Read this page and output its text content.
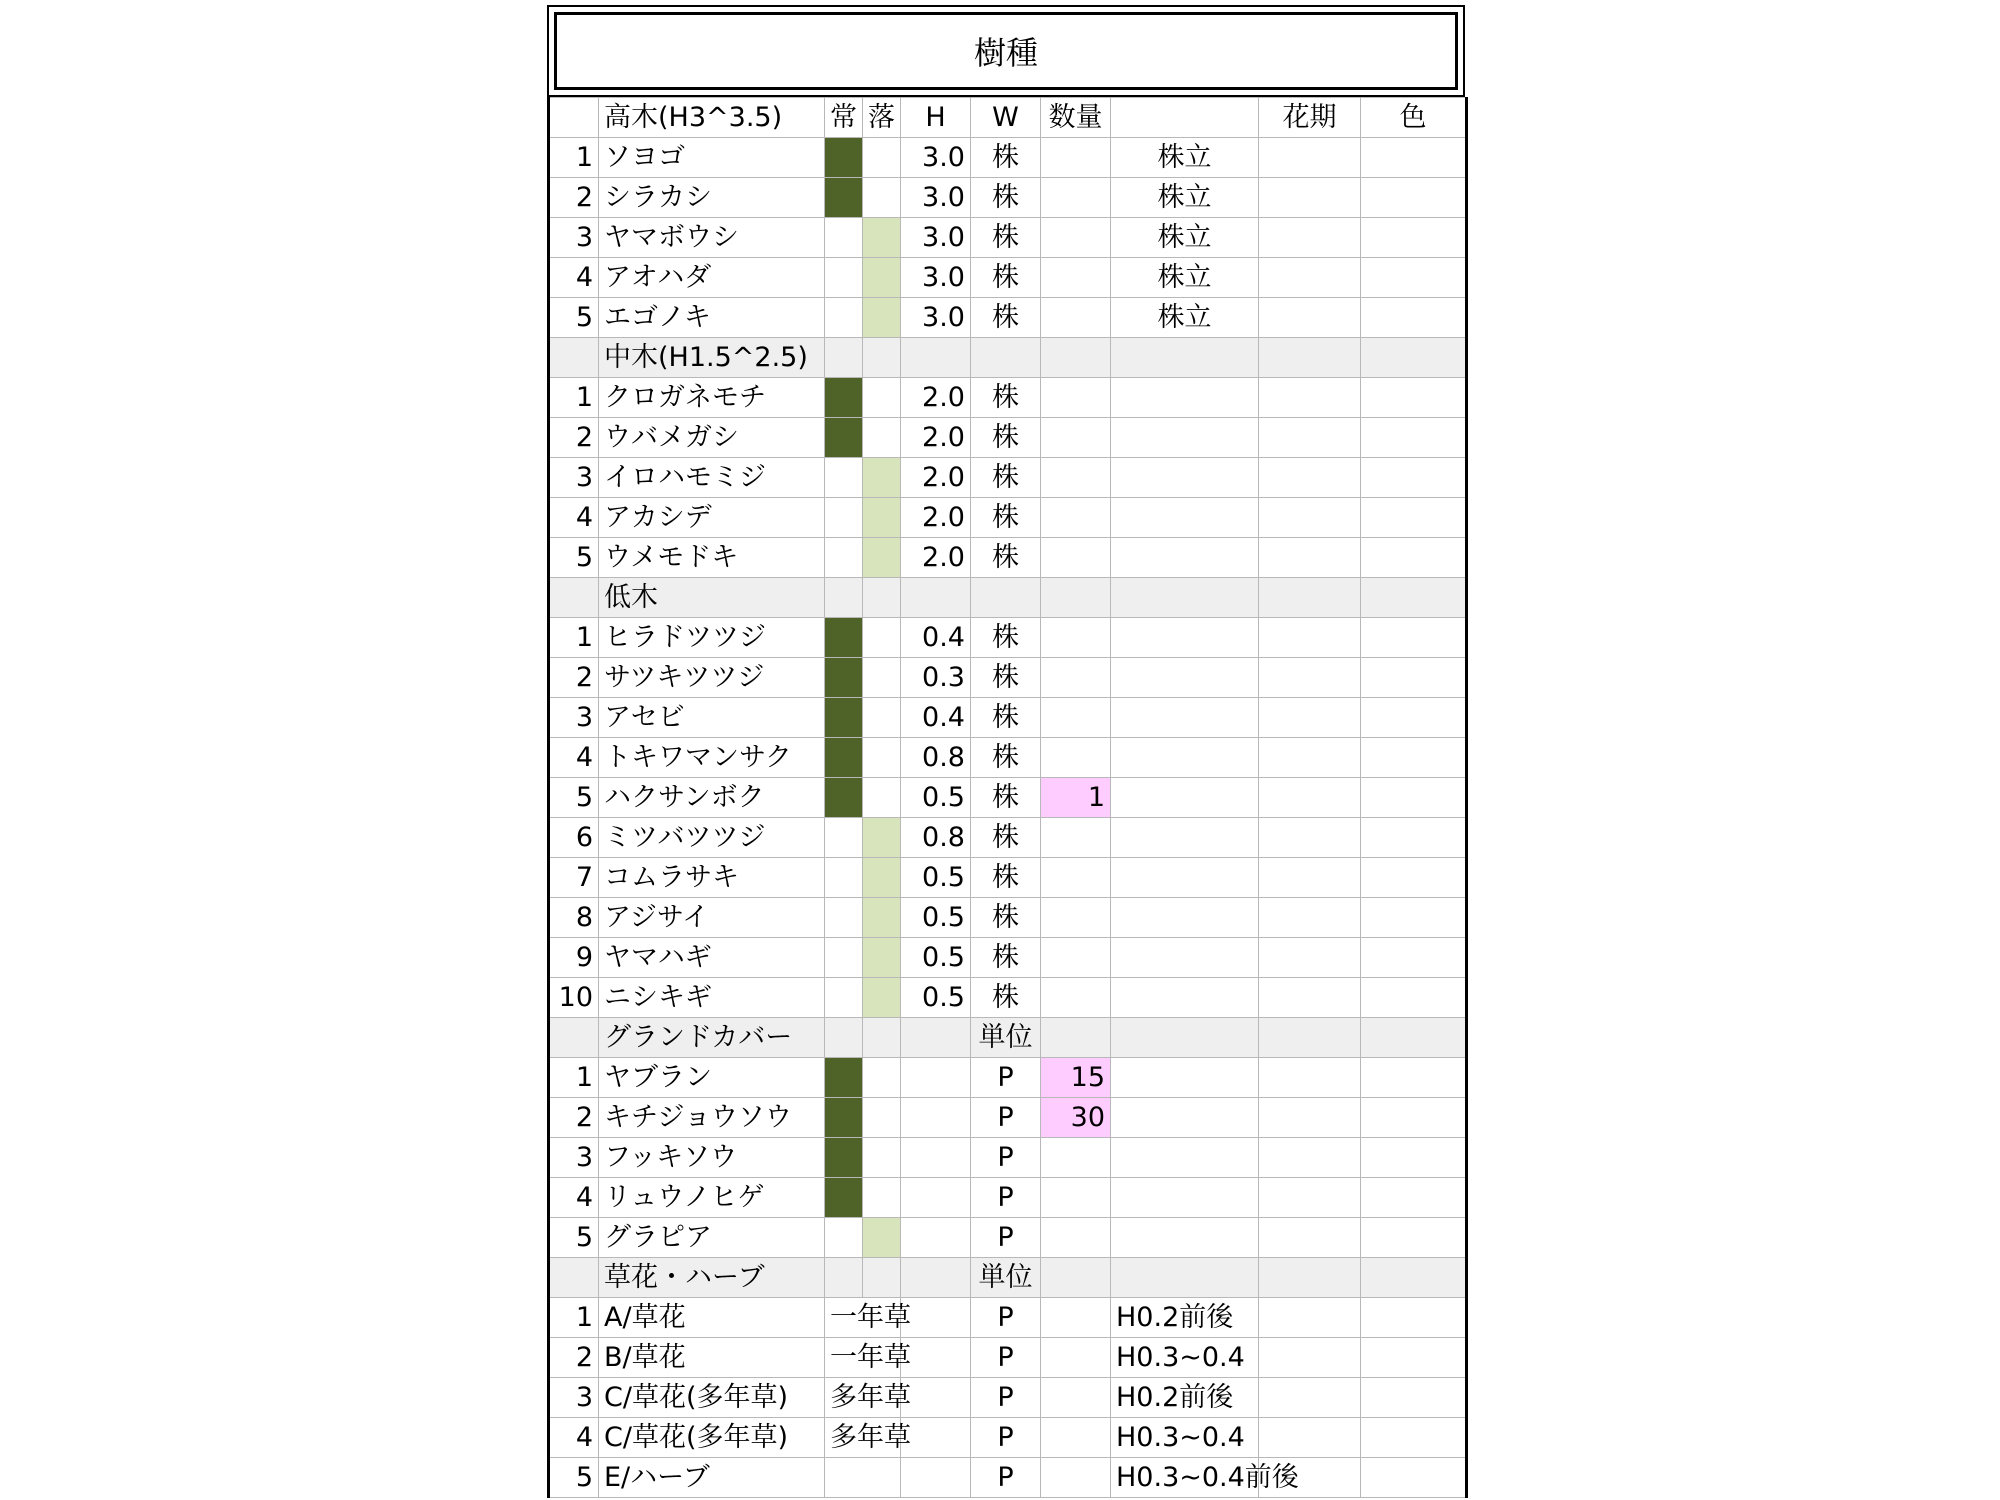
樹種
	高木(H3^3.5)	常	落	H	W	数量		花期	色
1	ソヨゴ			3.0	株		株立		
2	シラカシ			3.0	株		株立		
3	ヤマボウシ			3.0	株		株立		
4	アオハダ			3.0	株		株立		
5	エゴノキ			3.0	株		株立		
	中木(H1.5^2.5)								
1	クロガネモチ			2.0	株				
2	ウバメガシ			2.0	株				
3	イロハモミジ			2.0	株				
4	アカシデ			2.0	株				
5	ウメモドキ			2.0	株				
	低木								
1	ヒラドツツジ			0.4	株				
2	サツキツツジ			0.3	株				
3	アセビ			0.4	株				
4	トキワマンサク			0.8	株				
5	ハクサンボク			0.5	株	1			
6	ミツバツツジ			0.8	株				
7	コムラサキ			0.5	株				
8	アジサイ			0.5	株				
9	ヤマハギ			0.5	株				
10	ニシキギ			0.5	株				
	グランドカバー				単位				
1	ヤブラン				P	15			
2	キチジョウソウ				P	30			
3	フッキソウ				P				
4	リュウノヒゲ				P				
5	グラピア				P				
	草花・ハーブ				単位				
1	A/草花	一年草			P		H0.2前後		
2	B/草花	一年草			P		H0.3~0.4		
3	C/草花(多年草)	多年草			P		H0.2前後		
4	C/草花(多年草)	多年草			P		H0.3~0.4		
5	E/ハーブ				P		H0.3~0.4前後		
